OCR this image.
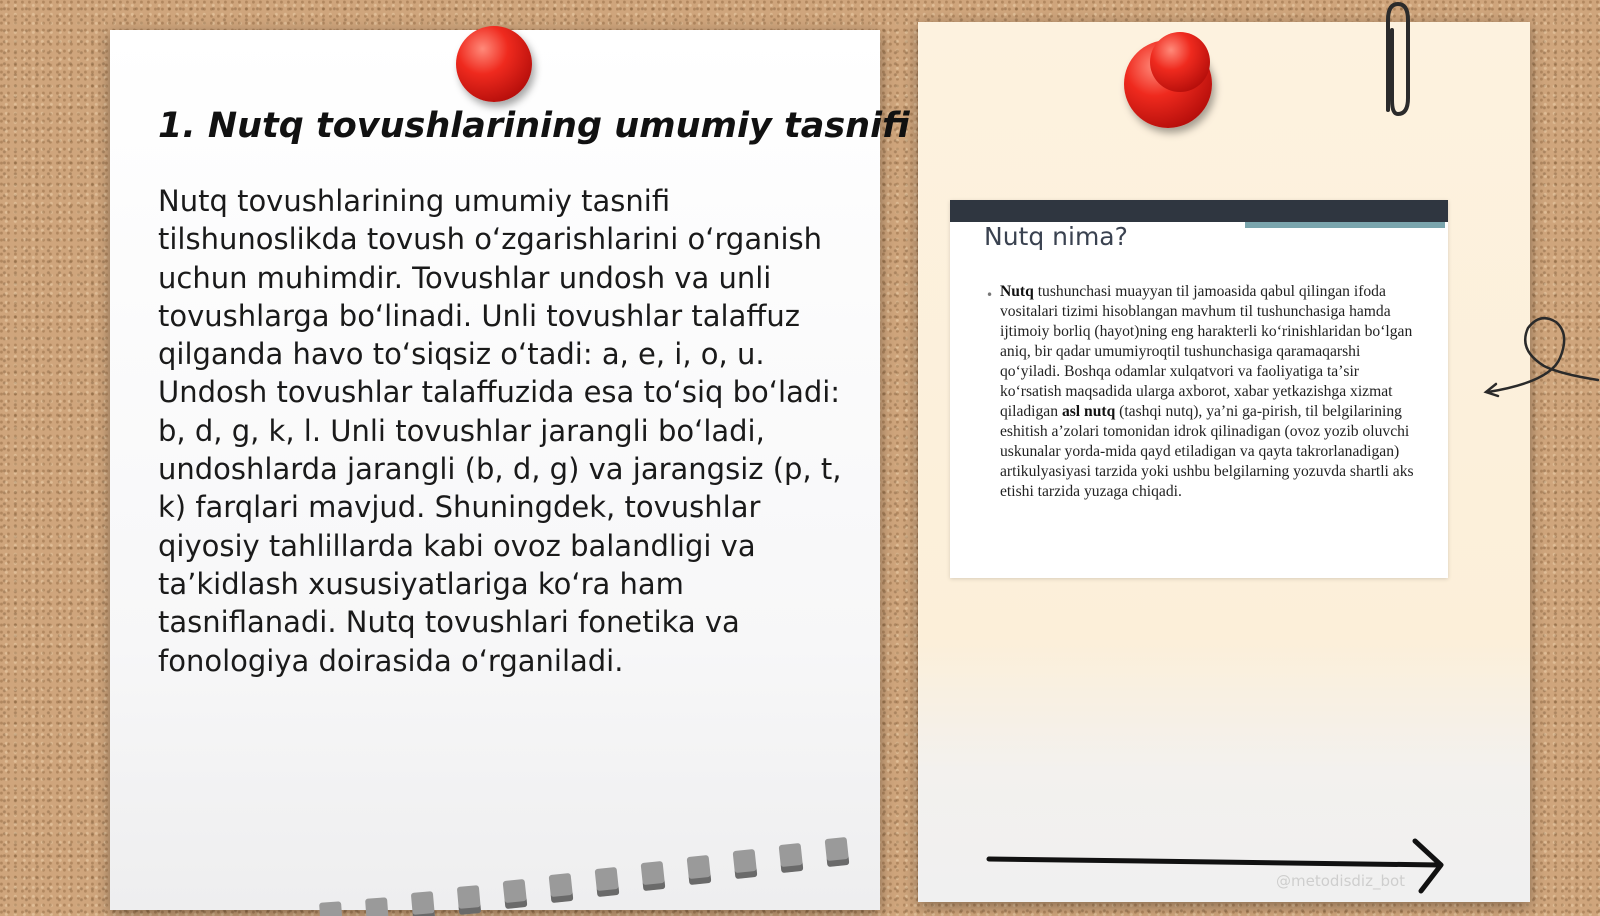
1. Nutq tovushlarining umumiy tasnifi

Nutq tovushlarining umumiy tasnifi tilshunoslikda tovush oʻzgarishlarini oʻrganish uchun muhimdir. Tovushlar undosh va unli tovushlarga boʻlinadi. Unli tovushlar talaffuz qilganda havo toʻsiqsiz oʻtadi: a, e, i, o, u. Undosh tovushlar talaffuzida esa toʻsiq boʻladi: b, d, g, k, l. Unli tovushlar jarangli boʻladi, undoshlarda jarangli (b, d, g) va jarangsiz (p, t, k) farqlari mavjud. Shuningdek, tovushlar qiyosiy tahlillarda kabi ovoz balandligi va taʼkidlash xususiyatlariga koʻra ham tasniflanadi. Nutq tovushlari fonetika va fonologiya doirasida oʻrganiladi.

Nutq nima?
• Nutq tushunchasi muayyan til jamoasida qabul qilingan ifoda vositalari tizimi hisoblangan mavhum til tushunchasiga hamda ijtimoiy borliq (hayot)ning eng harakterli koʻrinishlaridan boʻlgan aniq, bir qadar umumiyroqtil tushunchasiga qaramaqarshi qoʻyiladi. Boshqa odamlar xulqatvori va faoliyatiga taʼsir koʻrsatish maqsadida ularga axborot, xabar yetkazishga xizmat qiladigan asl nutq (tashqi nutq), yaʼni ga-pirish, til belgilarining eshitish aʼzolari tomonidan idrok qilinadigan (ovoz yozib oluvchi uskunalar yorda-mida qayd etiladigan va qayta takrorlanadigan) artikulyasiyasi tarzida yoki ushbu belgilarning yozuvda shartli aks etishi tarzida yuzaga chiqadi.
@metodisdiz_bot
